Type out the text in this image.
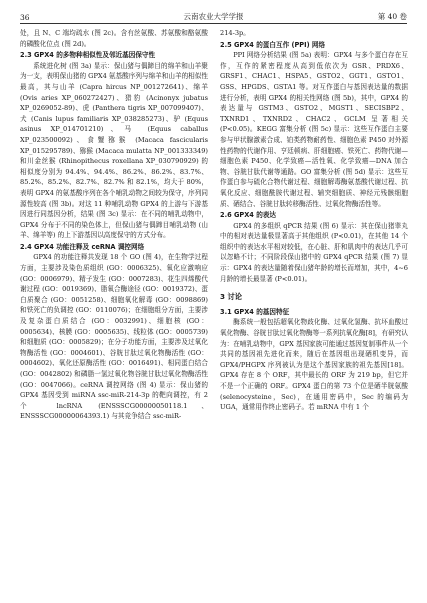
36	云南农业大学学报	第 40 卷

处，且 N、C 端均疏水 (图 2c)。含有丝氨酸、苏氨酸和酪氨酸的磷酸化位点 (图 2d)。

2.3 GPX4 的多物种相似性及邻近基因保守性

系统进化树 (图 3a) 显示：保山猪与偶蹄目的绵羊和山羊聚为一支，表明保山猪的 GPX4 氨基酸序列与绵羊和山羊的相似性最高，其与山羊 (Capra hircus NP_001272641)、绵羊 (Ovis aries XP_060272427)、猎豹 (Acinonyx jubatus XP_0269052-89)、虎 (Panthera tigris XP_007099407)、犬 (Canis lupus familiaris XP_038285273)、驴 (Equus asinus XP_014701210)、马 (Equus caballus XP_023500092)、食蟹猕猴 (Macaca fascicularis XP_015295789)、猕猴 (Macaca mulatta NP_001333349) 和川金丝猴 (Rhinopithecus roxellana XP_030790929) 的相似度分别为 94.4%、94.4%、86.2%、86.2%、83.7%、85.2%、85.2%、82.7%、82.7% 和 82.1%，均大于 80%，表明 GPX4 的氨基酸序列在各个哺乳动物之间较为保守，序列同源性较高 (图 3b)。对这 11 种哺乳动物 GPX4 的上游与下游基因进行同基因分析，结果 (图 3c) 显示：在不同的哺乳动物中，GPX4 分布于不同的染色体上，但保山猪与偶蹄目哺乳动物 (山羊、绵羊等) 的上下游基因以高度保守的方式分布。

2.4 GPX4 功能注释及 ceRNA 调控网络

GPX4 的功能注释共发现 18 个 GO (图 4)，在生物学过程方面，主要涉及染色质组织 (GO：0006325)、氧化应激响应 (GO：0006979)、精子发生 (GO：0007283)、花生四烯酸代谢过程 (GO：0019369)、脂氧合酶途径 (GO：0019372)、蛋白质聚合 (GO：0051258)、细胞氧化解毒 (GO：0098869) 和铁死亡的负调控 (GO：0110076)；在细胞组分方面，主要涉及复杂蛋白质结合 (GO：0032991)、细胞核 (GO：0005634)、核膜 (GO：0005635)、线粒体 (GO：0005739) 和细胞质 (GO：0005829)；在分子功能方面，主要涉及过氧化物酶活性 (GO：0004601)、谷胱甘肽过氧化物酶活性 (GO：0004602)、氧化还原酶活性 (GO：0016491)、相同蛋白结合 (GO：0042802) 和磷脂一氢过氧化物谷胱甘肽过氧化物酶活性 (GO：0047066)。ceRNA 调控网络 (图 4) 显示：保山猪的 GPX4 基因受到 miRNA ssc-miR-214-3p 的靶向调控，有 2 个 lncRNA (ENSSSCG00000050118.1、ENSSSCG00000064393.1) 与其竞争结合 ssc-miR-

214-3p。

2.5 GPX4 的蛋白互作 (PPI) 网络

PPI 网络分析结果 (图 5a) 表明：GPX4 与多个蛋白存在互作，互作的紧密程度从高到低依次为 GSR、PRDX6、GRSF1、CHAC1、HSPA5、GSTO2、GGT1、GSTO1、GSS、HPGDS、GSTA1 等。对互作蛋白与基因表达量的数据进行分析，表明 GPX4 的相关性网络 (图 5b)，其中，GPX4 的表达量与 GSTM3、GSTO2、MGST1、SECISBP2、TXNRD1、TXNRD2、CHAC2、GCLM 呈著相关 (P<0.05)。KEGG 富集分析 (图 5c) 显示：这些互作蛋白主要参与甲状腺激素合成、铂类药物耐药性、细胞色素 P450 对外源性药物的代谢作用、亨廷顿病、肝细胞癌、铁死亡、药物代谢—细胞色素 P450、化学致癌—活性氧、化学致癌—DNA 加合物、谷胱甘肽代谢等通路。GO 富集分析 (图 5d) 显示：这些互作蛋白参与硫化合物代谢过程、细胞解毒酶氨基酸代谢过程、抗氧化反应、细胞酰胺代谢过程、辅突细胞质、神经元残骸细胞质、硒结合、谷胱甘肽转移酶活性、过氧化物酶活性等。

2.6 GPX4 的表达

GPX4 的多组织 qPCR 结果 (图 6) 显示：其在保山猪睾丸中的相对表达量极显著高于其他组织 (P<0.01)，在其他 14 个组织中的表达水平相对较低，在心脏、肝和肌肉中的表达几乎可以忽略不计；不同阶段保山猪中的 GPX4 qPCR 结果 (图 7) 显示：GPX4 的表达量随着保山猪年龄的增长而增加，其中，4~6 月龄的增长最显著 (P<0.01)。

3 讨论

3.1 GPX4 的基因特征

酶系统一般包括超氧化物歧化酶、过氧化氢酶、抗坏血酸过氧化物酶、谷胱甘肽过氧化物酶等一系列抗氧化酶[8]，有研究认为：在哺乳动物中，GPX 基因家族可能通过基因复制事件从一个共同的基因祖先进化而来，随后在基因组出现硒机变异，而 GPX4/PHGPX 序列被认为是这个基因家族的祖先基因[18]。GPX4 存在 8 个 ORF，其中最长的 ORF 为 219 bp，但它并不是一个正确的 ORF。GPX4 蛋白的第 73 个位是硒半胱氨酸 (selenocysteine，Sec)，在通用密码中，Sec 的编码为 UGA，通常用作终止密码子。若 mRNA 中有 1 个
